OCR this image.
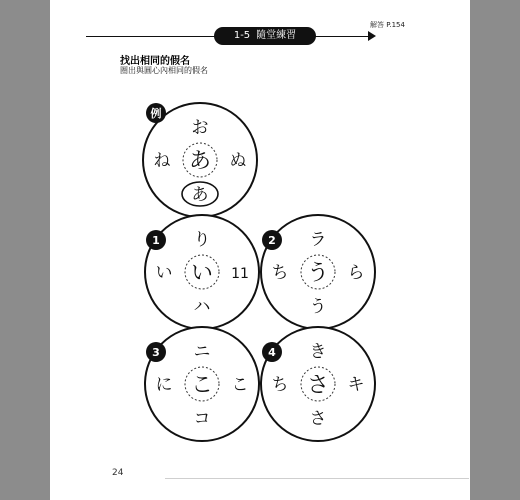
1-5 隨堂練習
解答 P.154
找出相同的假名
圈出與圓心內相同的假名
24
あ
お
ね	ぬ
あ
例
い
り
い	11
ハ
1
う
ラ
ち	ら
う
2
こ
ニ
に	こ
コ
3
さ
き
ち	キ
さ
4
